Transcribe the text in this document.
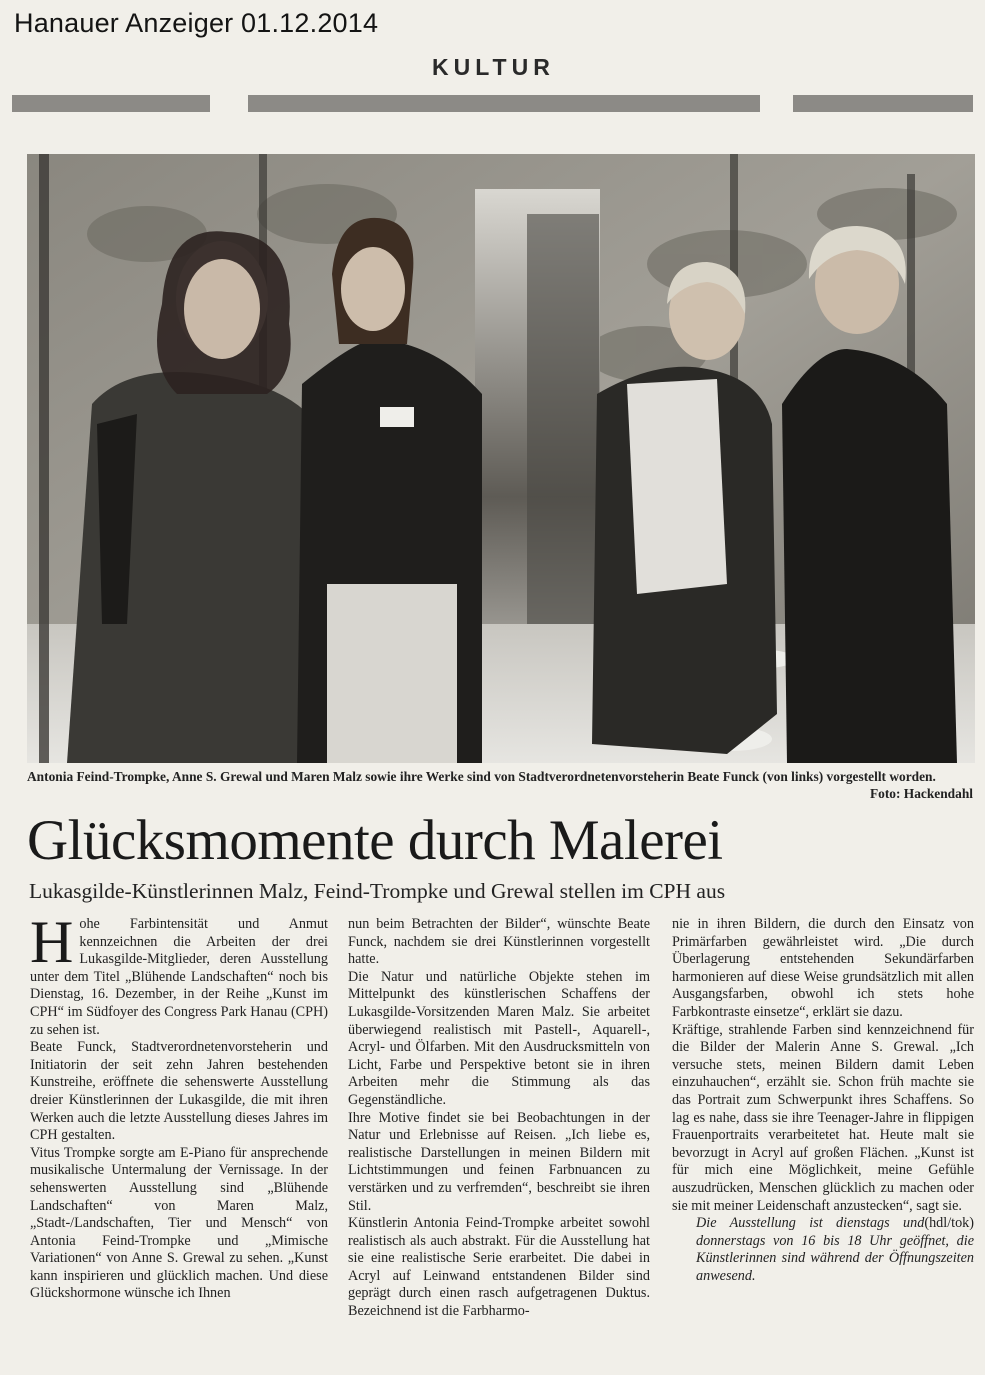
Hanauer Anzeiger 01.12.2014
KULTUR
Antonia Feind-Trompke, Anne S. Grewal und Maren Malz sowie ihre Werke sind von Stadtverordnetenvorsteherin Beate Funck (von links) vorgestellt worden.
Foto: Hackendahl
Glücksmomente durch Malerei
Lukasgilde-Künstlerinnen Malz, Feind-Trompke und Grewal stellen im CPH aus
H ohe Farbintensität und Anmut kennzeichnen die Arbeiten der drei Lukasgilde-Mitglieder, deren Ausstellung unter dem Titel „Blühende Landschaften“ noch bis Dienstag, 16. Dezember, in der Reihe „Kunst im CPH“ im Südfoyer des Congress Park Hanau (CPH) zu sehen ist.

Beate Funck, Stadtverordnetenvorsteherin und Initiatorin der seit zehn Jahren bestehenden Kunstreihe, eröffnete die sehenswerte Ausstellung dreier Künstlerinnen der Lukasgilde, die mit ihren Werken auch die letzte Ausstellung dieses Jahres im CPH gestalten.

Vitus Trompke sorgte am E-Piano für ansprechende musikalische Untermalung der Vernissage. In der sehenswerten Ausstellung sind „Blühende Landschaften“ von Maren Malz, „Stadt-/Landschaften, Tier und Mensch“ von Antonia Feind-Trompke und „Mimische Variationen“ von Anne S. Grewal zu sehen. „Kunst kann inspirieren und glücklich machen. Und diese Glückshormone wünsche ich Ihnen

nun beim Betrachten der Bilder“, wünschte Beate Funck, nachdem sie drei Künstlerinnen vorgestellt hatte.

Die Natur und natürliche Objekte stehen im Mittelpunkt des künstlerischen Schaffens der Lukasgilde-Vorsitzenden Maren Malz. Sie arbeitet überwiegend realistisch mit Pastell-, Aquarell-, Acryl- und Ölfarben. Mit den Ausdrucksmitteln von Licht, Farbe und Perspektive betont sie in ihren Arbeiten mehr die Stimmung als das Gegenständliche.

Ihre Motive findet sie bei Beobachtungen in der Natur und Erlebnisse auf Reisen. „Ich liebe es, realistische Darstellungen in meinen Bildern mit Lichtstimmungen und feinen Farbnuancen zu verstärken und zu verfremden“, beschreibt sie ihren Stil.

Künstlerin Antonia Feind-Trompke arbeitet sowohl realistisch als auch abstrakt. Für die Ausstellung hat sie eine realistische Serie erarbeitet. Die dabei in Acryl auf Leinwand entstandenen Bilder sind geprägt durch einen rasch aufgetragenen Duktus. Bezeichnend ist die Farbharmo-

nie in ihren Bildern, die durch den Einsatz von Primärfarben gewährleistet wird. „Die durch Überlagerung entstehenden Sekundärfarben harmonieren auf diese Weise grundsätzlich mit allen Ausgangsfarben, obwohl ich stets hohe Farbkontraste einsetze“, erklärt sie dazu.

Kräftige, strahlende Farben sind kennzeichnend für die Bilder der Malerin Anne S. Grewal. „Ich versuche stets, meinen Bildern damit Leben einzuhauchen“, erzählt sie. Schon früh machte sie das Portrait zum Schwerpunkt ihres Schaffens. So lag es nahe, dass sie ihre Teenager-Jahre in flippigen Frauenportraits verarbeitetet hat. Heute malt sie bevorzugt in Acryl auf großen Flächen. „Kunst ist für mich eine Möglichkeit, meine Gefühle auszudrücken, Menschen glücklich zu machen oder sie mit meiner Leidenschaft anzustecken“, sagt sie.
(hdl/tok)

Die Ausstellung ist dienstags und donnerstags von 16 bis 18 Uhr geöffnet, die Künstlerinnen sind während der Öffnungszeiten anwesend.
